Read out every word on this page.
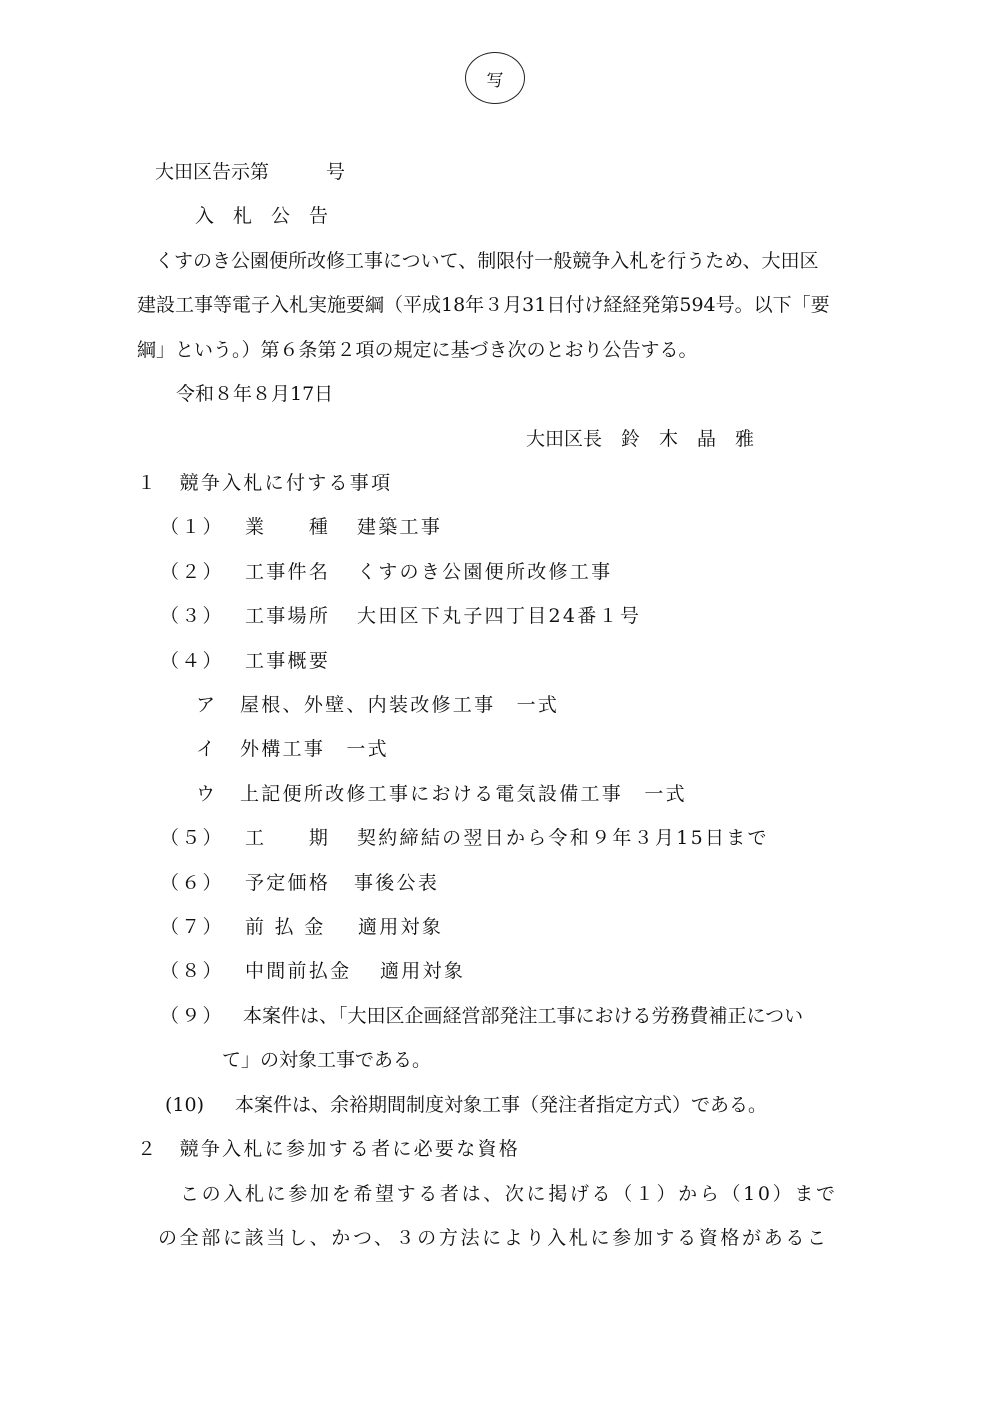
写
大田区告示第　　　号
入　札　公　告
くすのき公園便所改修工事について、制限付一般競争入札を行うため、大田区
建設工事等電子入札実施要綱（平成18年３月31日付け経経発第594号。以下「要
綱」という。）第６条第２項の規定に基づき次のとおり公告する。
令和８年８月17日
大田区長　鈴　木　晶　雅
１　競争入札に付する事項
（１） 業　　種 建築工事
（２） 工事件名 くすのき公園便所改修工事
（３） 工事場所 大田区下丸子四丁目24番１号
（４） 工事概要
ア 屋根、外壁、内装改修工事　一式
イ 外構工事　一式
ウ 上記便所改修工事における電気設備工事　一式
（５） 工　　期 契約締結の翌日から令和９年３月15日まで
（６） 予定価格 事後公表
（７） 前 払 金 適用対象
（８） 中間前払金 適用対象
（９） 本案件は、「大田区企画経営部発注工事における労務費補正につい
て」の対象工事である。
(10) 本案件は、余裕期間制度対象工事（発注者指定方式）である。
２　競争入札に参加する者に必要な資格
この入札に参加を希望する者は、次に掲げる（１）から（10）まで
の全部に該当し、かつ、３の方法により入札に参加する資格があるこ
